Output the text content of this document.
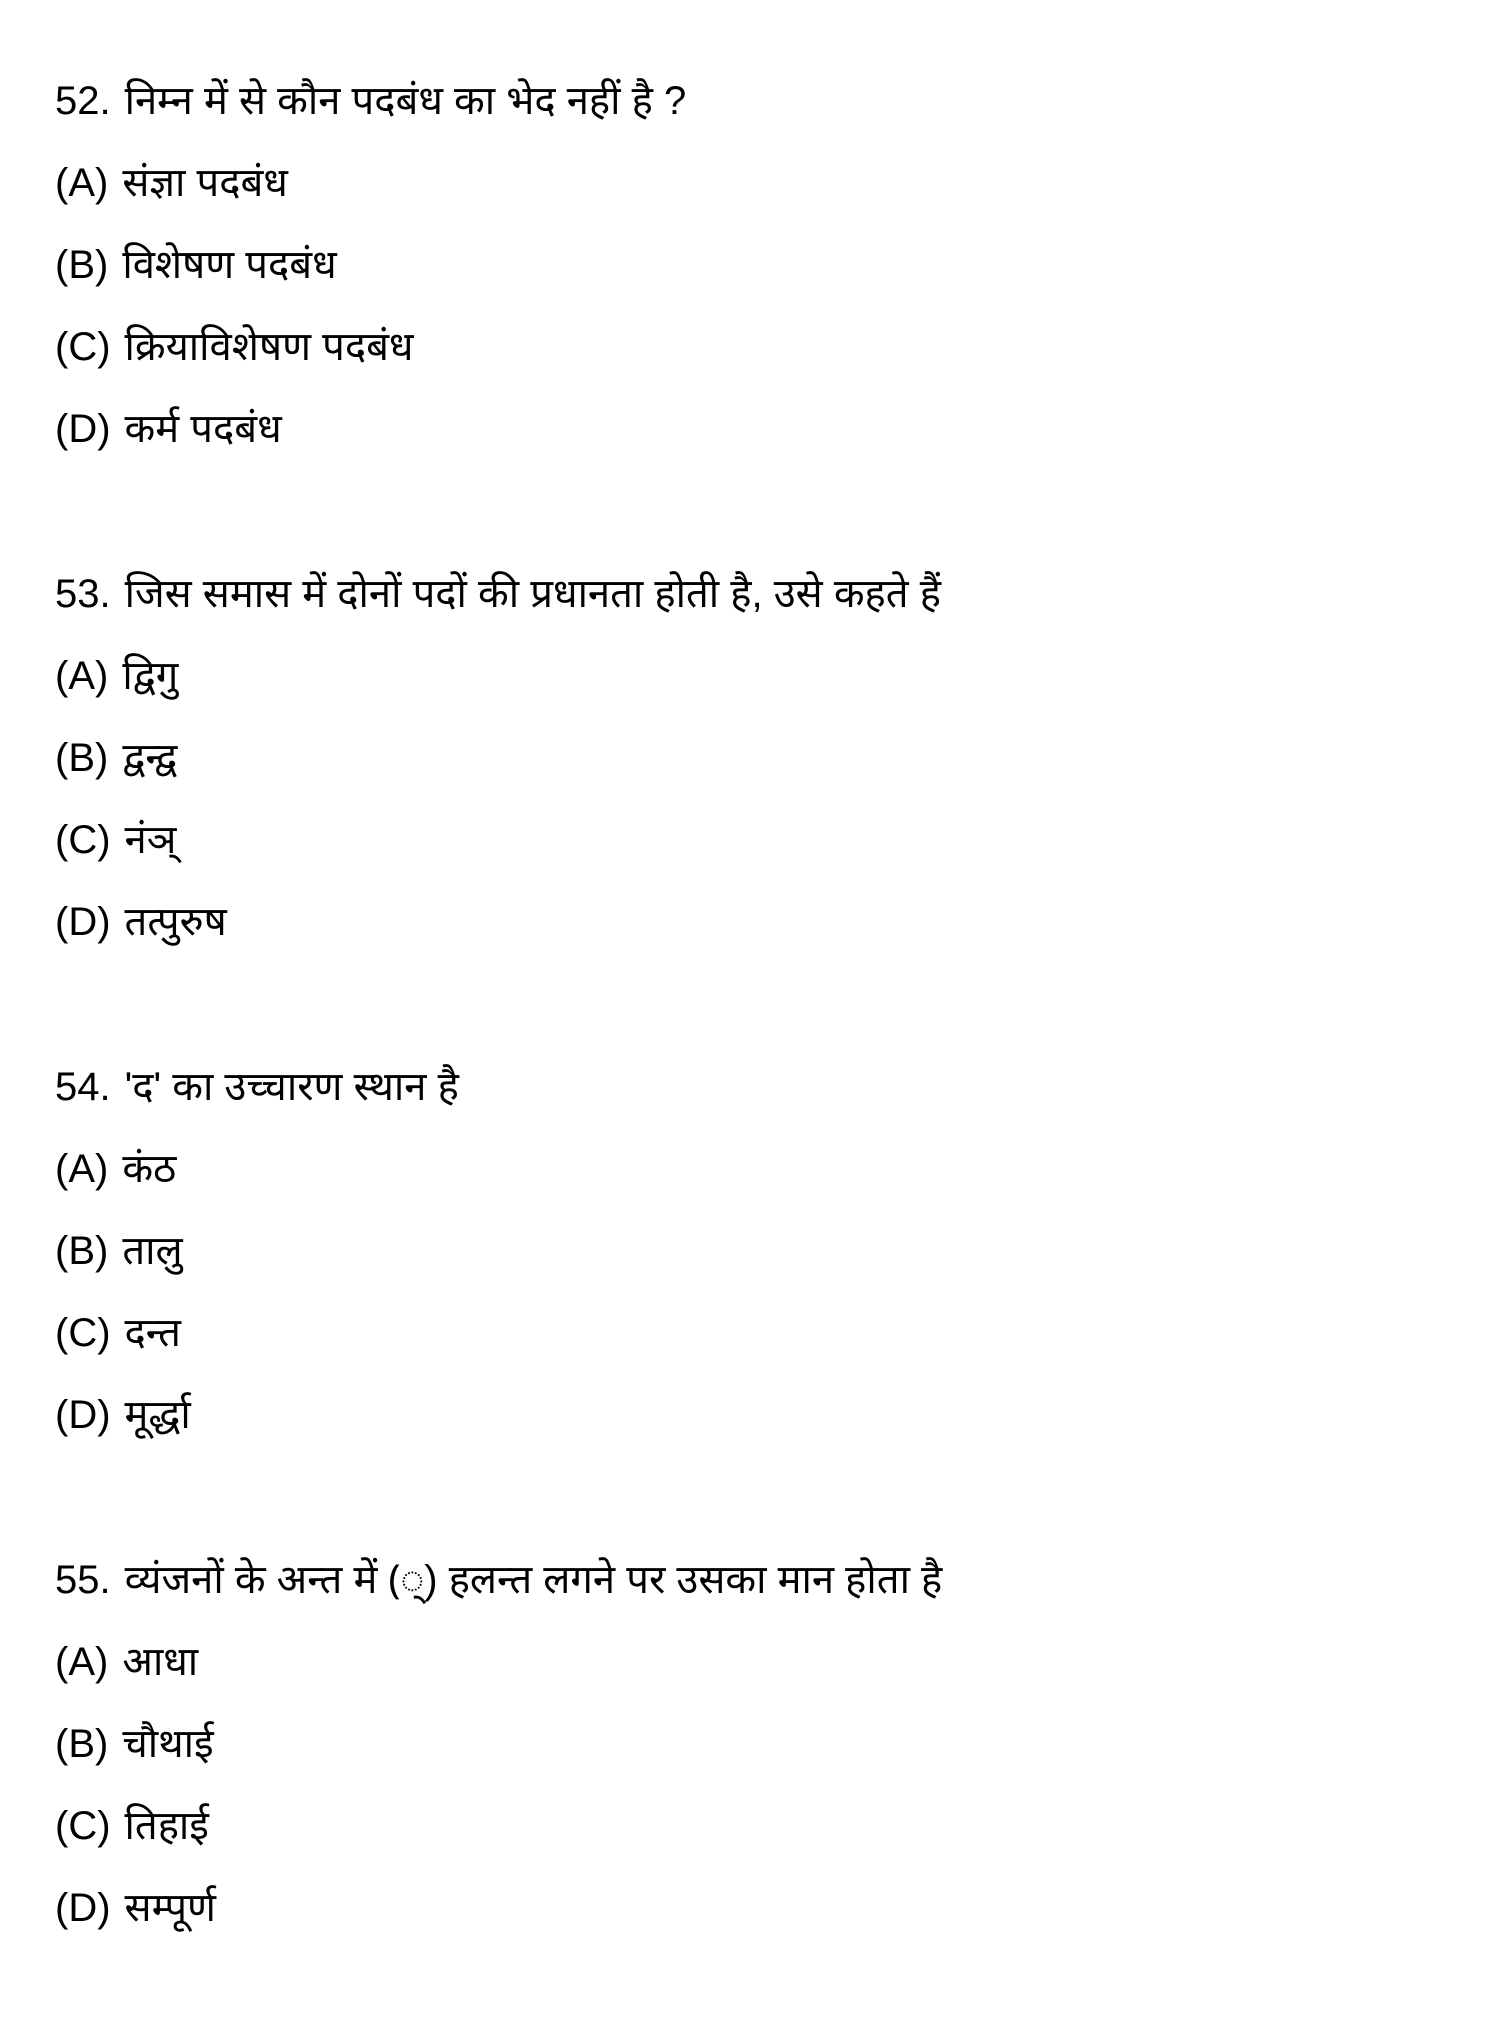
52. निम्न में से कौन पदबंध का भेद नहीं है ?
(A) संज्ञा पदबंध
(B) विशेषण पदबंध
(C) क्रियाविशेषण पदबंध
(D) कर्म पदबंध
53. जिस समास में दोनों पदों की प्रधानता होती है, उसे कहते हैं
(A) द्विगु
(B) द्वन्द्व
(C) नंञ्
(D) तत्पुरुष
54. 'द' का उच्चारण स्थान है
(A) कंठ
(B) तालु
(C) दन्त
(D) मूर्द्धा
55. व्यंजनों के अन्त में (्) हलन्त लगने पर उसका मान होता है
(A) आधा
(B) चौथाई
(C) तिहाई
(D) सम्पूर्ण
